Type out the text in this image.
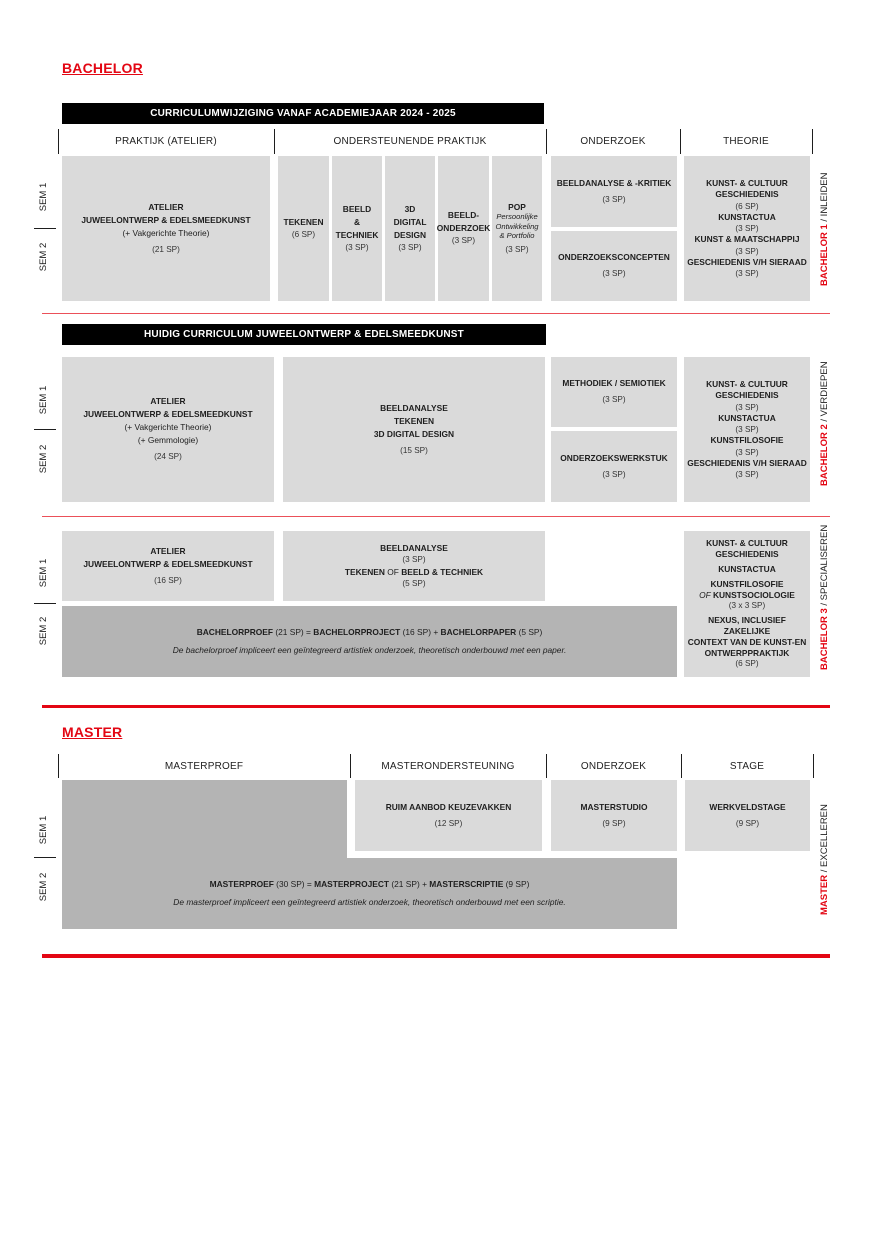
BACHELOR
CURRICULUMWIJZIGING VANAF ACADEMIEJAAR 2024 - 2025
PRAKTIJK (ATELIER)	ONDERSTEUNENDE PRAKTIJK	ONDERZOEK	THEORIE
SEM 1
SEM 2
ATELIER
JUWEELONTWERP & EDELSMEEDKUNST
(+ Vakgerichte Theorie)
(21 SP)
TEKENEN
(6 SP)
BEELD
& TECHNIEK
(3 SP)
3D DIGITAL
DESIGN
(3 SP)
BEELD-
ONDERZOEK
(3 SP)
POP
Persoonlijke
Ontwikkeling
& Portfolio
(3 SP)
BEELDANALYSE & -KRITIEK
(3 SP)
ONDERZOEKSCONCEPTEN
(3 SP)
KUNST- & CULTUUR
GESCHIEDENIS
(6 SP)
KUNSTACTUA
(3 SP)
KUNST & MAATSCHAPPIJ
(3 SP)
GESCHIEDENIS V/H SIERAAD
(3 SP)	BACHELOR 1 / INLEIDEN
HUIDIG CURRICULUM JUWEELONTWERP & EDELSMEEDKUNST
SEM 1
SEM 2
ATELIER
JUWEELONTWERP & EDELSMEEDKUNST
(+ Vakgerichte Theorie)
(+ Gemmologie)
(24 SP)
BEELDANALYSE
TEKENEN
3D DIGITAL DESIGN
(15 SP)
METHODIEK / SEMIOTIEK
(3 SP)
ONDERZOEKSWERKSTUK
(3 SP)
KUNST- & CULTUUR
GESCHIEDENIS
(3 SP)
KUNSTACTUA
(3 SP)
KUNSTFILOSOFIE
(3 SP)
GESCHIEDENIS V/H SIERAAD
(3 SP)	BACHELOR 2 / VERDIEPEN
SEM 1
SEM 2
ATELIER
JUWEELONTWERP & EDELSMEEDKUNST
(16 SP)
BEELDANALYSE
(3 SP)
TEKENEN OF BEELD & TECHNIEK
(5 SP)
BACHELORPROEF (21 SP) = BACHELORPROJECT (16 SP) + BACHELORPAPER (5 SP)
De bachelorproef impliceert een geïntegreerd artistiek onderzoek, theoretisch onderbouwd met een paper.
KUNST- & CULTUUR
GESCHIEDENIS
KUNSTACTUA
KUNSTFILOSOFIE
OF KUNSTSOCIOLOGIE
(3 x 3 SP)
NEXUS, INCLUSIEF ZAKELIJKE
CONTEXT VAN DE KUNST-EN
ONTWERPPRAKTIJK
(6 SP)	BACHELOR 3 / SPECIALISEREN
MASTER
MASTERPROEF	MASTERONDERSTEUNING	ONDERZOEK	STAGE
SEM 1
SEM 2	MASTERPROEF (30 SP) = MASTERPROJECT (21 SP) + MASTERSCRIPTIE (9 SP)
De masterproef impliceert een geïntegreerd artistiek onderzoek, theoretisch onderbouwd met een scriptie.
RUIM AANBOD KEUZEVAKKEN
(12 SP)
MASTERSTUDIO
(9 SP)
WERKVELDSTAGE
(9 SP)
MASTER / EXCELLEREN
